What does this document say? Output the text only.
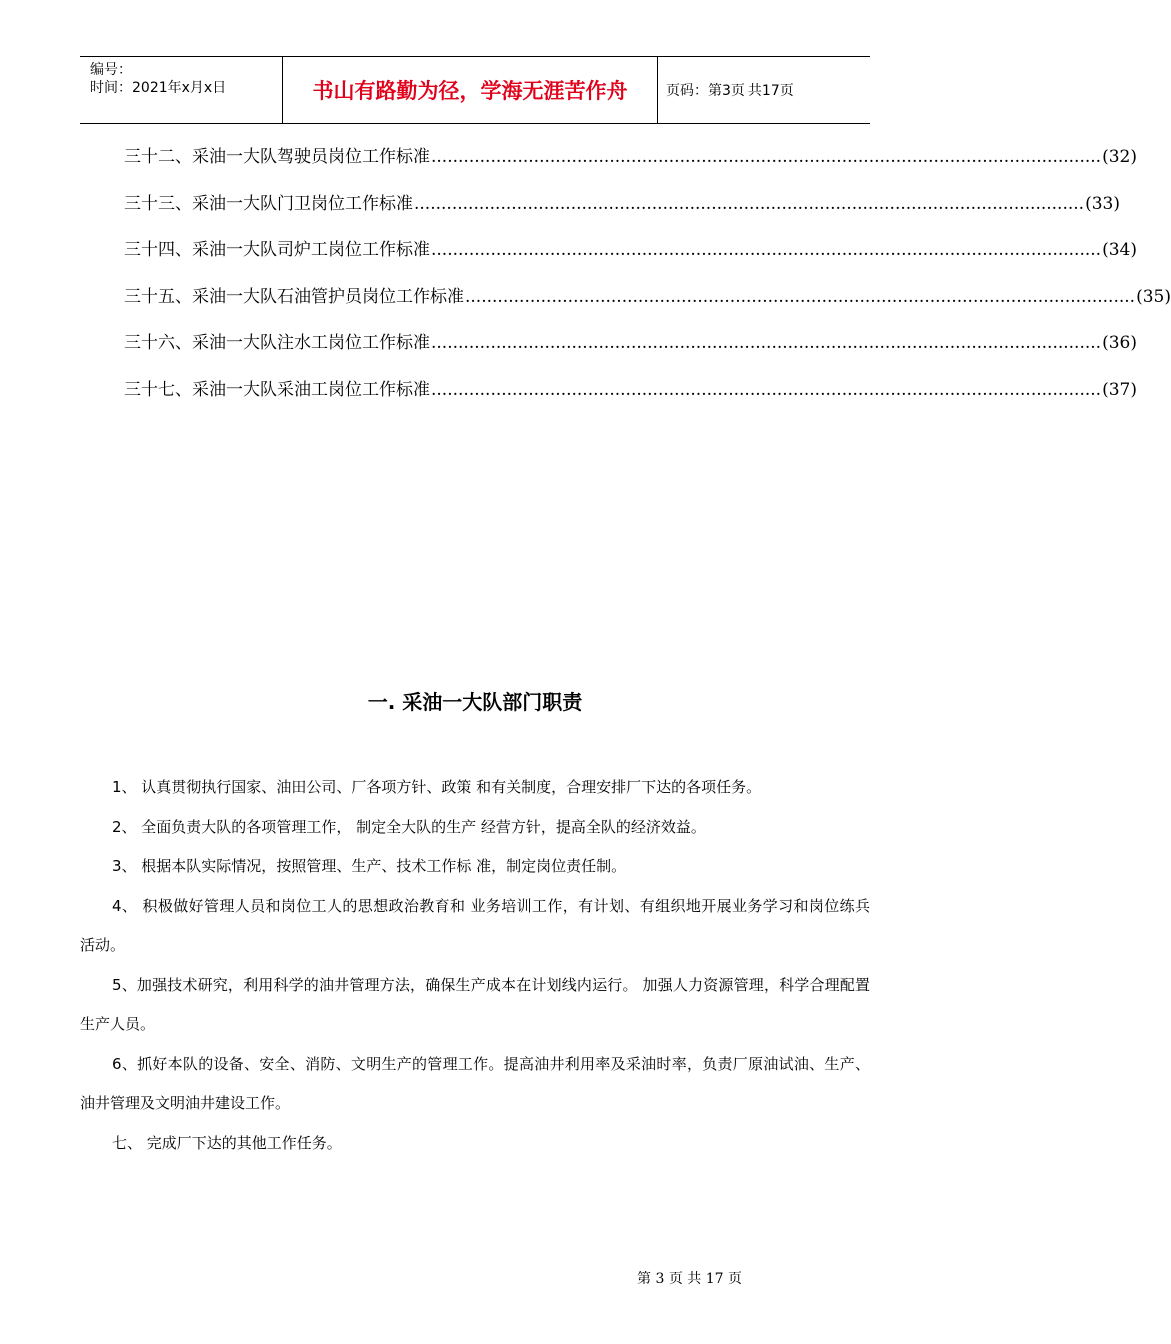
编号：
时间：2021年x月x日	书山有路勤为径，学海无涯苦作舟	页码：第3页 共17页
三十二、采油一大队驾驶员岗位工作标准 ............................................................................................................................ (32)
三十三、采油一大队门卫岗位工作标准 ............................................................................................................................ (33)
三十四、采油一大队司炉工岗位工作标准 ............................................................................................................................ (34)
三十五、采油一大队石油管护员岗位工作标准 ............................................................................................................................ (35)
三十六、采油一大队注水工岗位工作标准 ............................................................................................................................ (36)
三十七、采油一大队采油工岗位工作标准 ............................................................................................................................ (37)
一. 采油一大队部门职责

1、 认真贯彻执行国家、油田公司、厂各项方针、政策 和有关制度，合理安排厂下达的各项任务。

2、 全面负责大队的各项管理工作， 制定全大队的生产 经营方针，提高全队的经济效益。

3、 根据本队实际情况，按照管理、生产、技术工作标 准，制定岗位责任制。

4、 积极做好管理人员和岗位工人的思想政治教育和 业务培训工作，有计划、有组织地开展业务学习和岗位练兵 活动。

5、加强技术研究，利用科学的油井管理方法，确保生产成本在计划线内运行。 加强人力资源管理，科学合理配置生产人员。

6、抓好本队的设备、安全、消防、文明生产的管理工作。提高油井利用率及采油时率，负责厂原油试油、生产、油井管理及文明油井建设工作。

七、 完成厂下达的其他工作任务。

第 3 页 共 17 页
